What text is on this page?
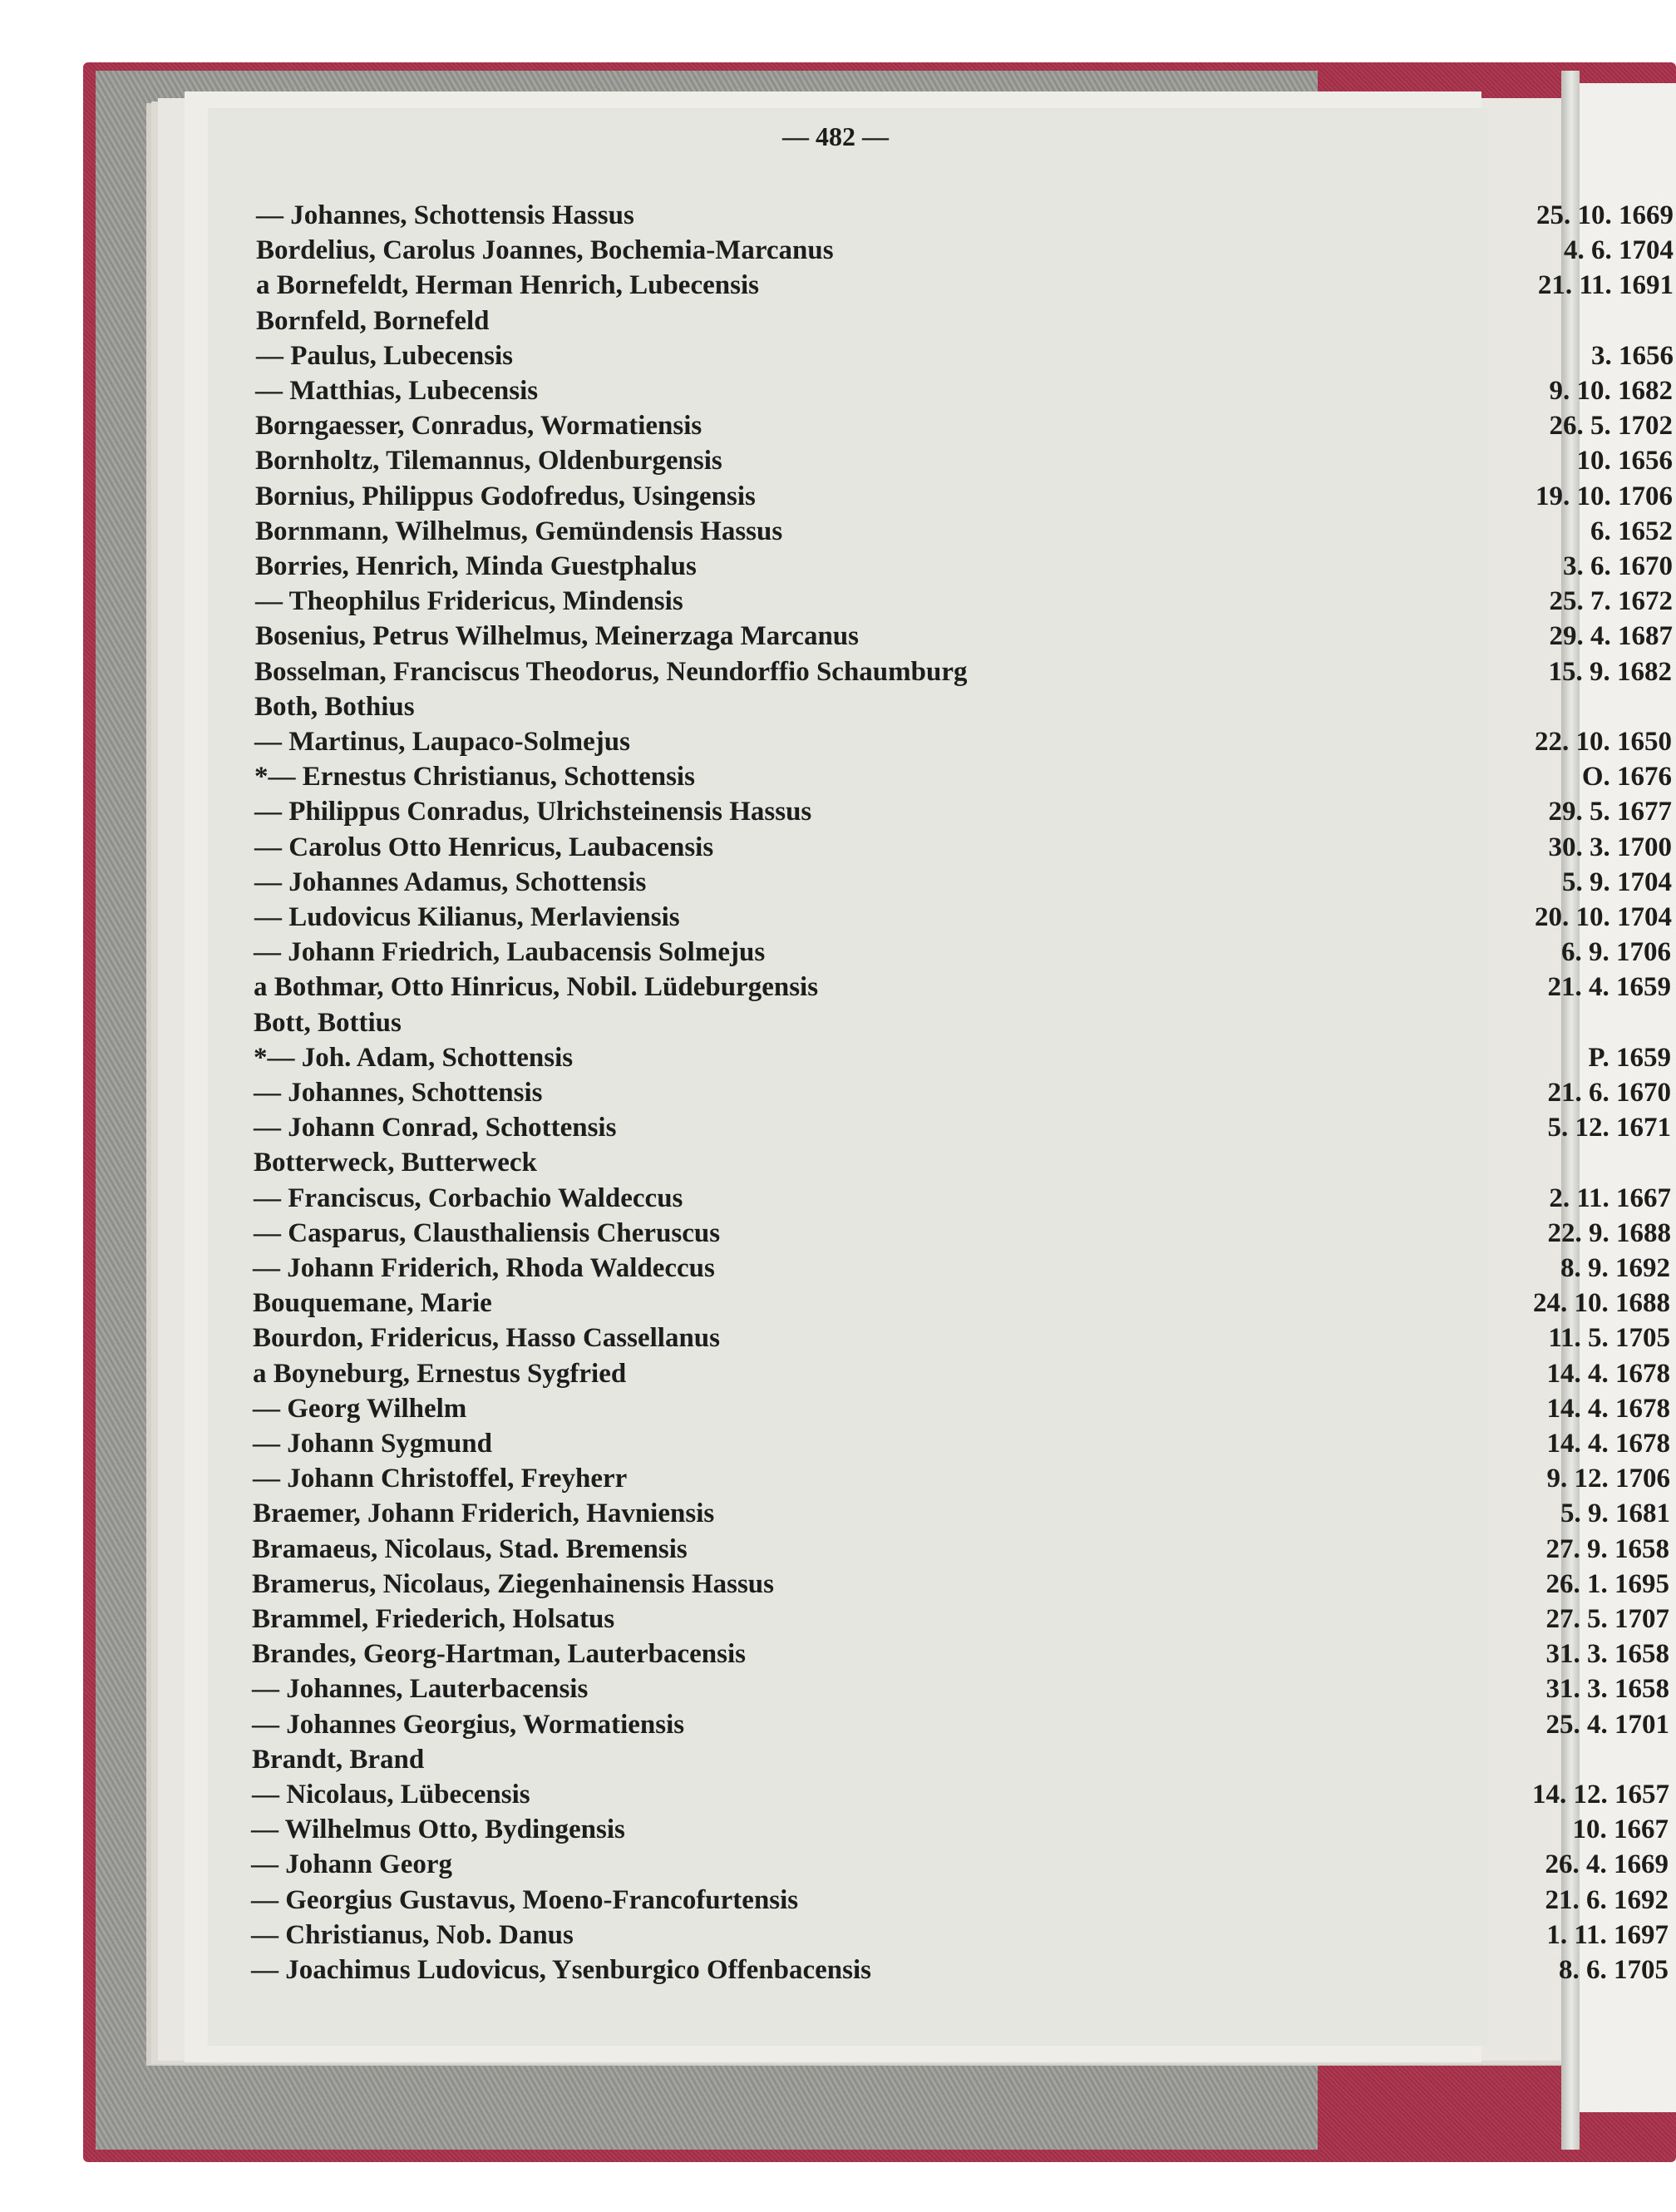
— 482 —
— Johannes, Schottensis Hassus	25. 10. 1669
Bordelius, Carolus Joannes, Bochemia-Marcanus	4. 6. 1704
a Bornefeldt, Herman Henrich, Lubecensis	21. 11. 1691
Bornfeld, Bornefeld
— Paulus, Lubecensis	3. 1656
— Matthias, Lubecensis	9. 10. 1682
Borngaesser, Conradus, Wormatiensis	26. 5. 1702
Bornholtz, Tilemannus, Oldenburgensis	10. 1656
Bornius, Philippus Godofredus, Usingensis	19. 10. 1706
Bornmann, Wilhelmus, Gemündensis Hassus	6. 1652
Borries, Henrich, Minda Guestphalus	3. 6. 1670
— Theophilus Fridericus, Mindensis	25. 7. 1672
Bosenius, Petrus Wilhelmus, Meinerzaga Marcanus	29. 4. 1687
Bosselman, Franciscus Theodorus, Neundorffio Schaumburg	15. 9. 1682
Both, Bothius
— Martinus, Laupaco-Solmejus	22. 10. 1650
*— Ernestus Christianus, Schottensis	O. 1676
— Philippus Conradus, Ulrichsteinensis Hassus	29. 5. 1677
— Carolus Otto Henricus, Laubacensis	30. 3. 1700
— Johannes Adamus, Schottensis	5. 9. 1704
— Ludovicus Kilianus, Merlaviensis	20. 10. 1704
— Johann Friedrich, Laubacensis Solmejus	6. 9. 1706
a Bothmar, Otto Hinricus, Nobil. Lüdeburgensis	21. 4. 1659
Bott, Bottius
*— Joh. Adam, Schottensis	P. 1659
— Johannes, Schottensis	21. 6. 1670
— Johann Conrad, Schottensis	5. 12. 1671
Botterweck, Butterweck
— Franciscus, Corbachio Waldeccus	2. 11. 1667
— Casparus, Clausthaliensis Cheruscus	22. 9. 1688
— Johann Friderich, Rhoda Waldeccus	8. 9. 1692
Bouquemane, Marie	24. 10. 1688
Bourdon, Fridericus, Hasso Cassellanus	11. 5. 1705
a Boyneburg, Ernestus Sygfried	14. 4. 1678
— Georg Wilhelm	14. 4. 1678
— Johann Sygmund	14. 4. 1678
— Johann Christoffel, Freyherr	9. 12. 1706
Braemer, Johann Friderich, Havniensis	5. 9. 1681
Bramaeus, Nicolaus, Stad. Bremensis	27. 9. 1658
Bramerus, Nicolaus, Ziegenhainensis Hassus	26. 1. 1695
Brammel, Friederich, Holsatus	27. 5. 1707
Brandes, Georg-Hartman, Lauterbacensis	31. 3. 1658
— Johannes, Lauterbacensis	31. 3. 1658
— Johannes Georgius, Wormatiensis	25. 4. 1701
Brandt, Brand
— Nicolaus, Lübecensis	14. 12. 1657
— Wilhelmus Otto, Bydingensis	10. 1667
— Johann Georg	26. 4. 1669
— Georgius Gustavus, Moeno-Francofurtensis	21. 6. 1692
— Christianus, Nob. Danus	1. 11. 1697
— Joachimus Ludovicus, Ysenburgico Offenbacensis	8. 6. 1705
